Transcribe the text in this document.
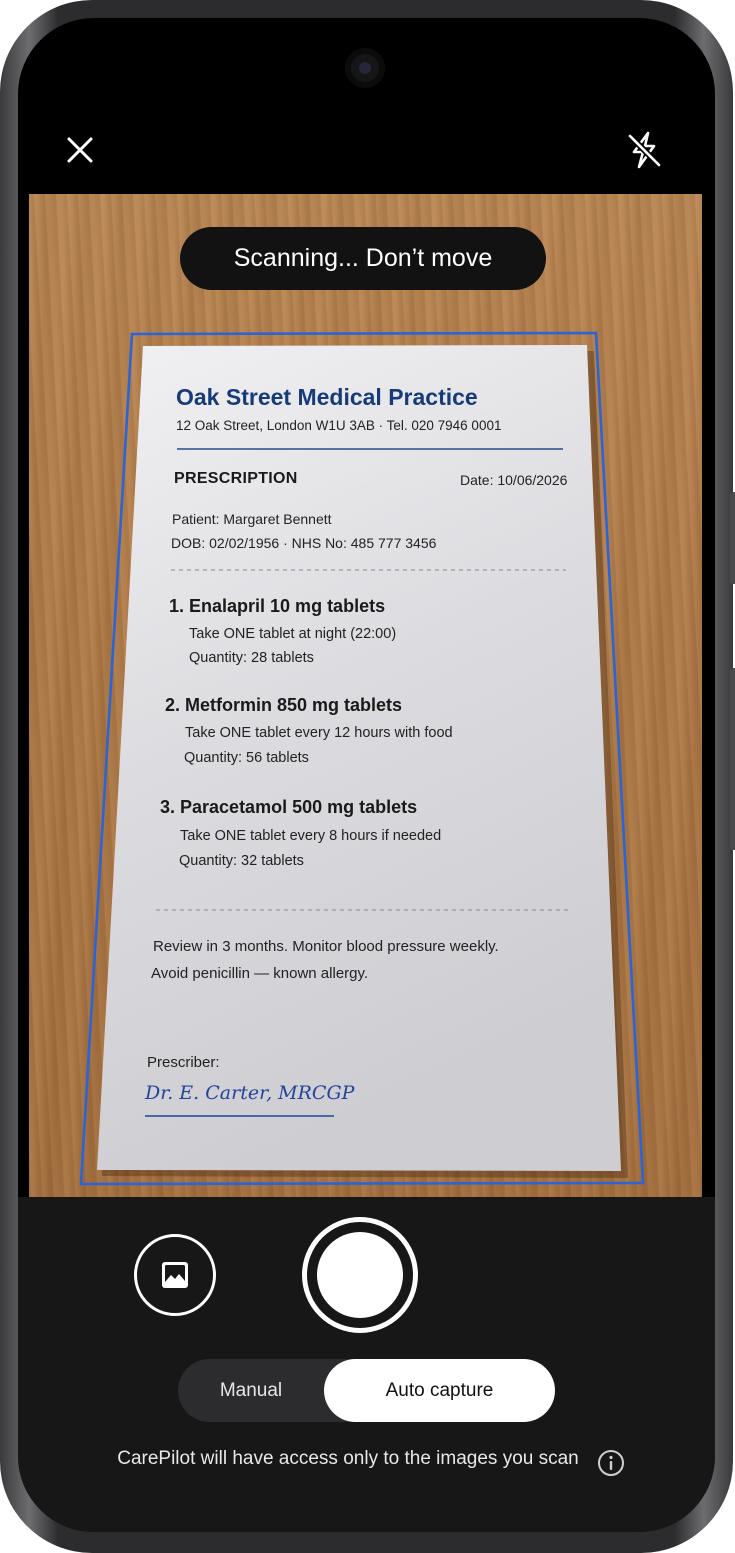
Oak Street Medical Practice
12 Oak Street, London W1U 3AB · Tel. 020 7946 0001
PRESCRIPTION	Date: 10/06/2026
Patient: Margaret Bennett
DOB: 02/02/1956 · NHS No: 485 777 3456
1. Enalapril 10 mg tablets
Take ONE tablet at night (22:00)
Quantity: 28 tablets
2. Metformin 850 mg tablets
Take ONE tablet every 12 hours with food
Quantity: 56 tablets
3. Paracetamol 500 mg tablets
Take ONE tablet every 8 hours if needed
Quantity: 32 tablets
Review in 3 months. Monitor blood pressure weekly.
Avoid penicillin — known allergy.
Prescriber:
Dr. E. Carter, MRCGP
Scanning... Don’t move
Manual	Auto capture
CarePilot will have access only to the images you scan
